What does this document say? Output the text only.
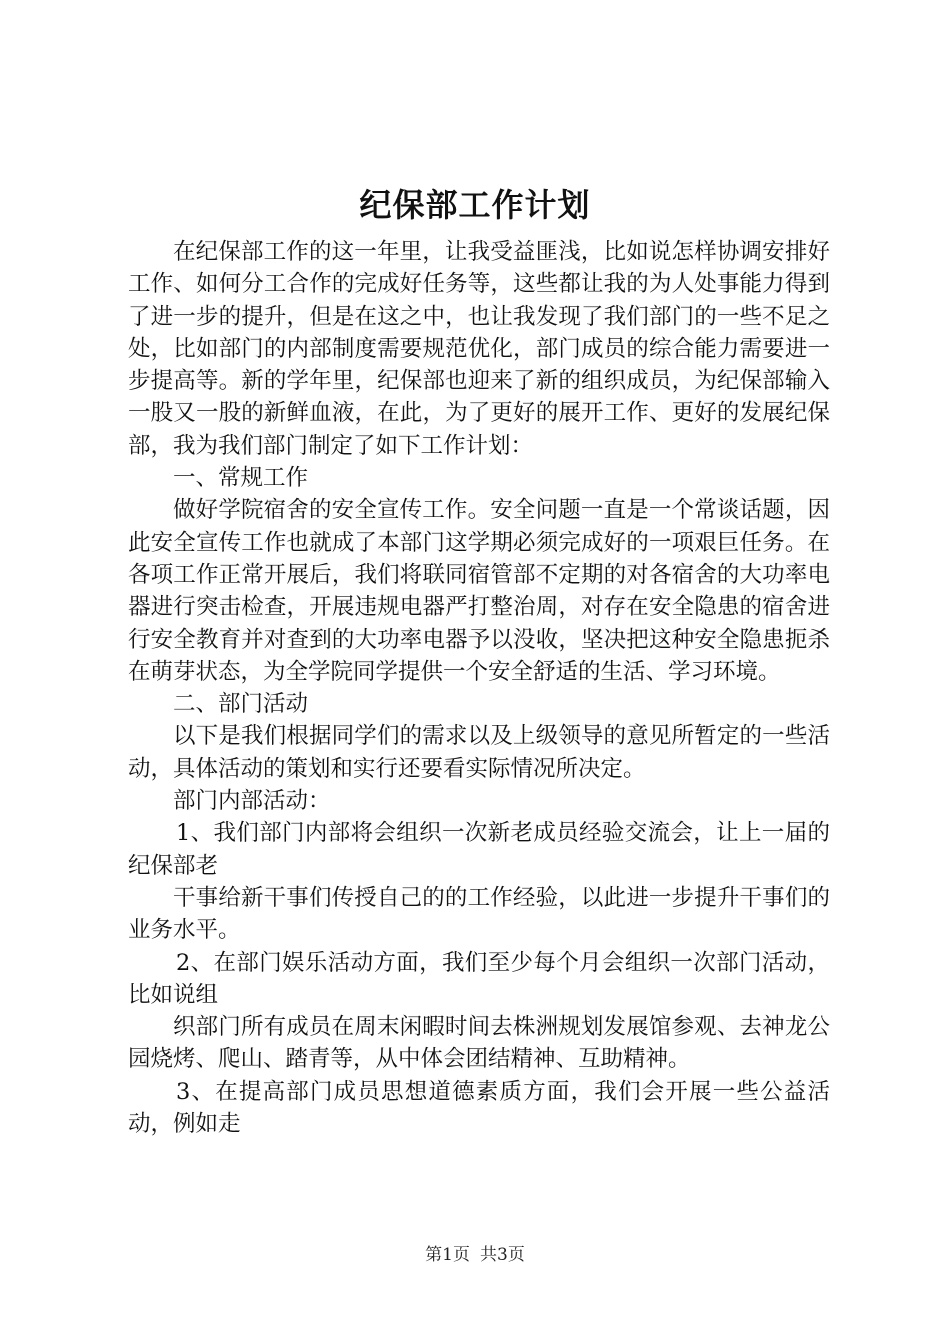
纪保部工作计划

在纪保部工作的这一年里，让我受益匪浅，比如说怎样协调安排好工作、如何分工合作的完成好任务等，这些都让我的为人处事能力得到了进一步的提升，但是在这之中，也让我发现了我们部门的一些不足之处，比如部门的内部制度需要规范优化，部门成员的综合能力需要进一步提高等。新的学年里，纪保部也迎来了新的组织成员，为纪保部输入一股又一股的新鲜血液，在此，为了更好的展开工作、更好的发展纪保部，我为我们部门制定了如下工作计划：

一、常规工作

做好学院宿舍的安全宣传工作。安全问题一直是一个常谈话题，因此安全宣传工作也就成了本部门这学期必须完成好的一项艰巨任务。在各项工作正常开展后，我们将联同宿管部不定期的对各宿舍的大功率电器进行突击检查，开展违规电器严打整治周，对存在安全隐患的宿舍进行安全教育并对查到的大功率电器予以没收，坚决把这种安全隐患扼杀在萌芽状态，为全学院同学提供一个安全舒适的生活、学习环境。

二、部门活动

以下是我们根据同学们的需求以及上级领导的意见所暂定的一些活动，具体活动的策划和实行还要看实际情况所决定。

部门内部活动：

1、我们部门内部将会组织一次新老成员经验交流会，让上一届的纪保部老

干事给新干事们传授自己的的工作经验，以此进一步提升干事们的业务水平。

2、在部门娱乐活动方面，我们至少每个月会组织一次部门活动，比如说组

织部门所有成员在周末闲暇时间去株洲规划发展馆参观、去神龙公园烧烤、爬山、踏青等，从中体会团结精神、互助精神。

3、在提高部门成员思想道德素质方面，我们会开展一些公益活动，例如走

第1页 共3页
